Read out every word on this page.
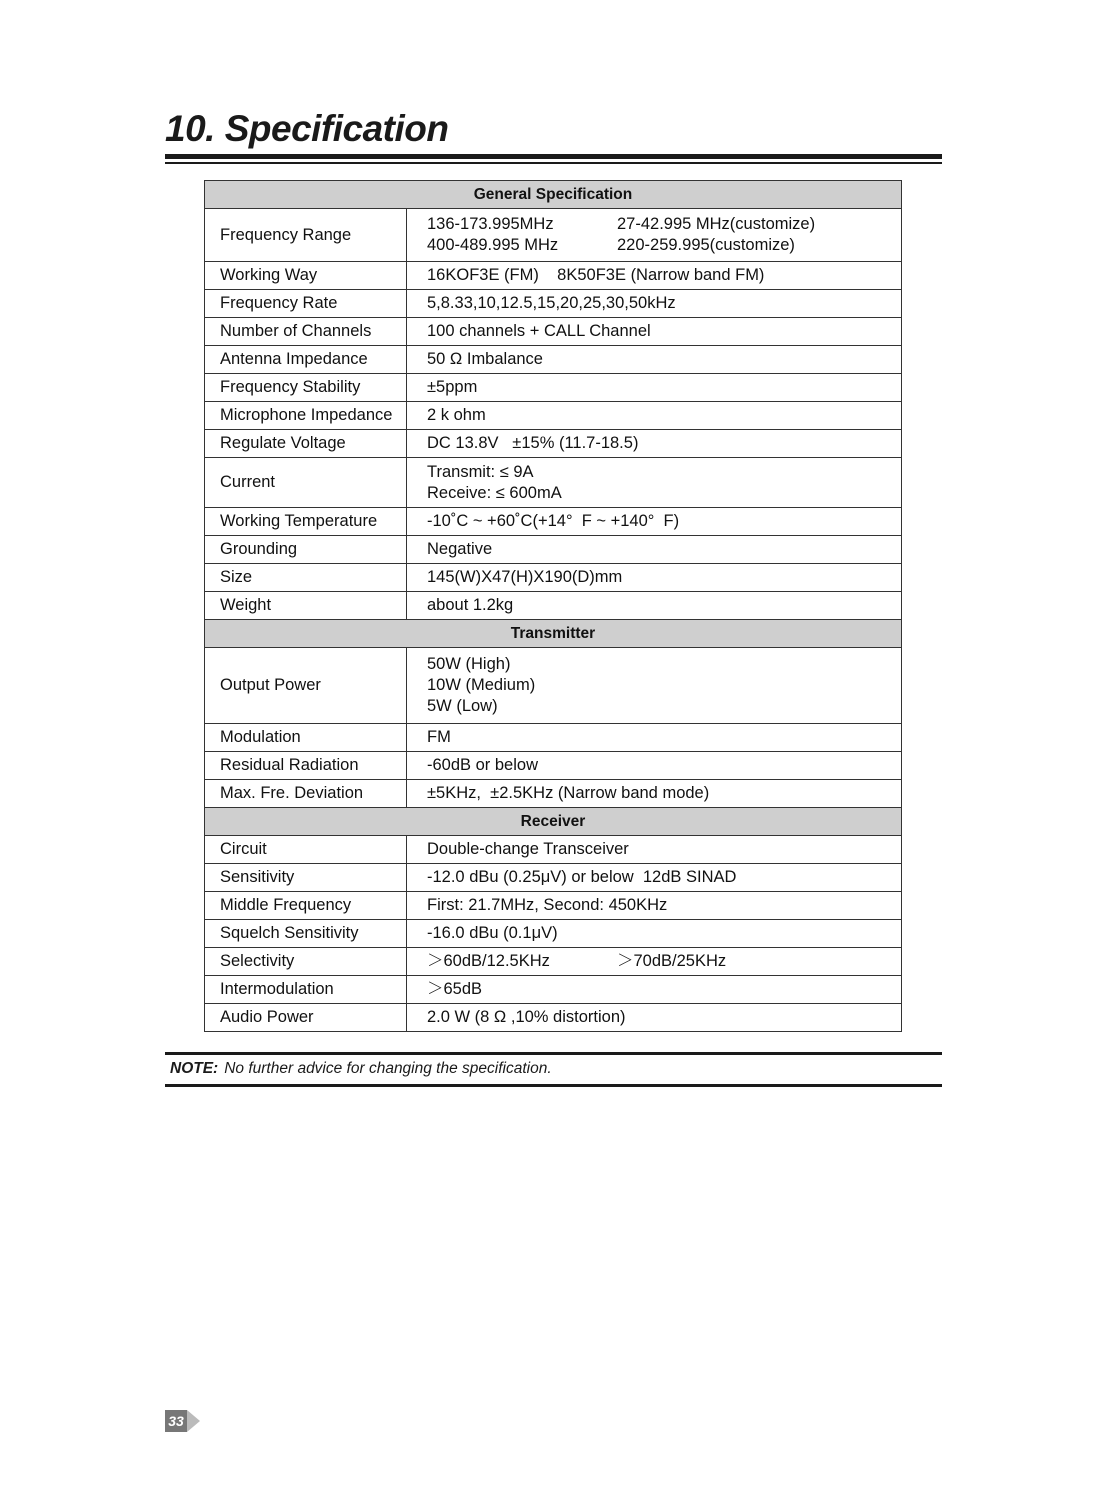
10. Specification
General Specification	
Frequency Range	136-173.995MHz 27-42.995 MHz(customize)
400-489.995 MHz 220-259.995(customize)

Working Way	16KOF3E (FM)    8K50F3E (Narrow band FM)
Frequency Rate	5,8.33,10,12.5,15,20,25,30,50kHz
Number of Channels	100 channels + CALL Channel
Antenna Impedance	50 Ω Imbalance
Frequency Stability	±5ppm
Microphone Impedance	2 k ohm
Regulate Voltage	DC 13.8V   ±15% (11.7-18.5)
Current	Transmit: ≤ 9A
Receive: ≤ 600mA

Working Temperature	-10˚C ~ +60˚C(+14°  F ~ +140°  F)
Grounding	Negative
Size	145(W)X47(H)X190(D)mm
Weight	about 1.2kg
Transmitter	
Output Power	50W (High)
10W (Medium)
5W (Low)

Modulation	FM
Residual Radiation	-60dB or below
Max. Fre. Deviation	±5KHz,  ±2.5KHz (Narrow band mode)
Receiver	
Circuit	Double-change Transceiver
Sensitivity	-12.0 dBu (0.25μV) or below  12dB SINAD
Middle Frequency	First: 21.7MHz, Second: 450KHz
Squelch Sensitivity	-16.0 dBu (0.1μV)
Selectivity	＞60dB/12.5KHz ＞70dB/25KHz

Intermodulation	＞65dB
Audio Power	2.0 W (8 Ω ,10% distortion)

NOTE: No further advice for changing the specification.

33
